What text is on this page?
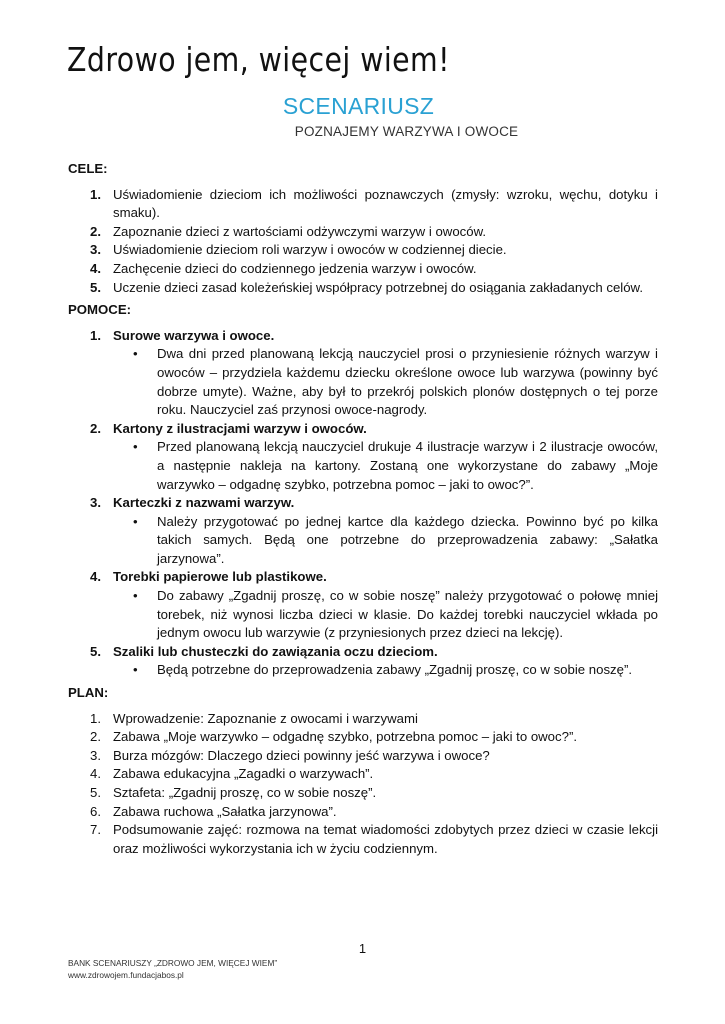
Zdrowo jem, więcej wiem!
SCENARIUSZ
POZNAJEMY WARZYWA I OWOCE
CELE:
1. Uświadomienie dzieciom ich możliwości poznawczych (zmysły: wzroku, węchu, dotyku i smaku).
2. Zapoznanie dzieci z wartościami odżywczymi warzyw i owoców.
3. Uświadomienie dzieciom roli warzyw i owoców w codziennej diecie.
4. Zachęcenie dzieci do codziennego jedzenia warzyw i owoców.
5. Uczenie dzieci zasad koleżeńskiej współpracy potrzebnej do osiągania zakładanych celów.
POMOCE:
1. Surowe warzywa i owoce.
• Dwa dni przed planowaną lekcją nauczyciel prosi o przyniesienie różnych warzyw i owoców – przydziela każdemu dziecku określone owoce lub warzywa (powinny być dobrze umyte). Ważne, aby był to przekrój polskich plonów dostępnych o tej porze roku. Nauczyciel zaś przynosi owoce-nagrody.
2. Kartony z ilustracjami warzyw i owoców.
• Przed planowaną lekcją nauczyciel drukuje 4 ilustracje warzyw i 2 ilustracje owoców, a następnie nakleja na kartony. Zostaną one wykorzystane do zabawy „Moje warzywko – odgadnę szybko, potrzebna pomoc – jaki to owoc?”.
3. Karteczki z nazwami warzyw.
• Należy przygotować po jednej kartce dla każdego dziecka. Powinno być po kilka takich samych. Będą one potrzebne do przeprowadzenia zabawy: „Sałatka jarzynowa”.
4. Torebki papierowe lub plastikowe.
• Do zabawy „Zgadnij proszę, co w sobie noszę” należy przygotować o połowę mniej torebek, niż wynosi liczba dzieci w klasie. Do każdej torebki nauczyciel wkłada po jednym owocu lub warzywie (z przyniesionych przez dzieci na lekcję).
5. Szaliki lub chusteczki do zawiązania oczu dzieciom.
• Będą potrzebne do przeprowadzenia zabawy „Zgadnij proszę, co w sobie noszę”.
PLAN:
1. Wprowadzenie: Zapoznanie z owocami i warzywami
2. Zabawa „Moje warzywko – odgadnę szybko, potrzebna pomoc – jaki to owoc?”.
3. Burza mózgów: Dlaczego dzieci powinny jeść warzywa i owoce?
4. Zabawa edukacyjna „Zagadki o warzywach”.
5. Sztafeta: „Zgadnij proszę, co w sobie noszę”.
6. Zabawa ruchowa „Sałatka jarzynowa”.
7. Podsumowanie zajęć: rozmowa na temat wiadomości zdobytych przez dzieci w czasie lekcji oraz możliwości wykorzystania ich w życiu codziennym.
1
BANK SCENARIUSZY „ZDROWO JEM, WIĘCEJ WIEM”
www.zdrowojem.fundacjabos.pl
